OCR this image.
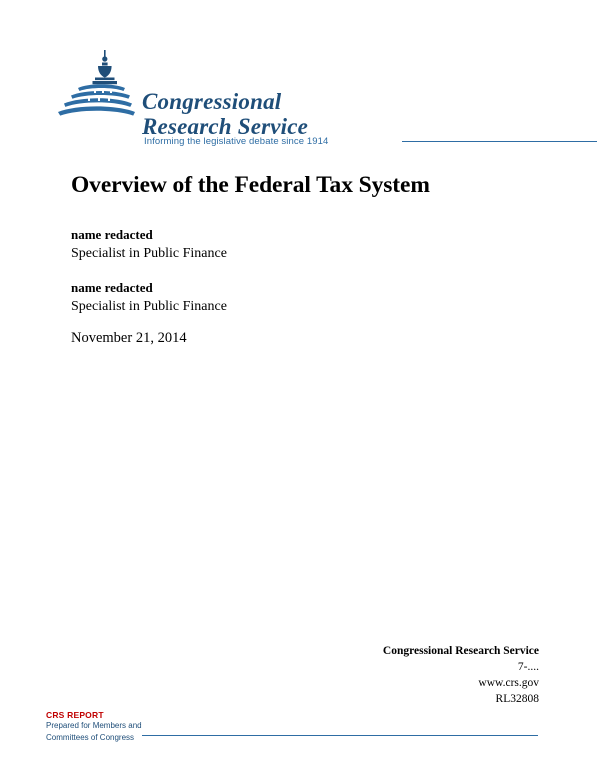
Congressional
Research Service
Informing the legislative debate since 1914
Overview of the Federal Tax System
name redacted
Specialist in Public Finance
name redacted
Specialist in Public Finance
November 21, 2014
Congressional Research Service
7-....
www.crs.gov
RL32808
CRS REPORT
Prepared for Members and
Committees of Congress
